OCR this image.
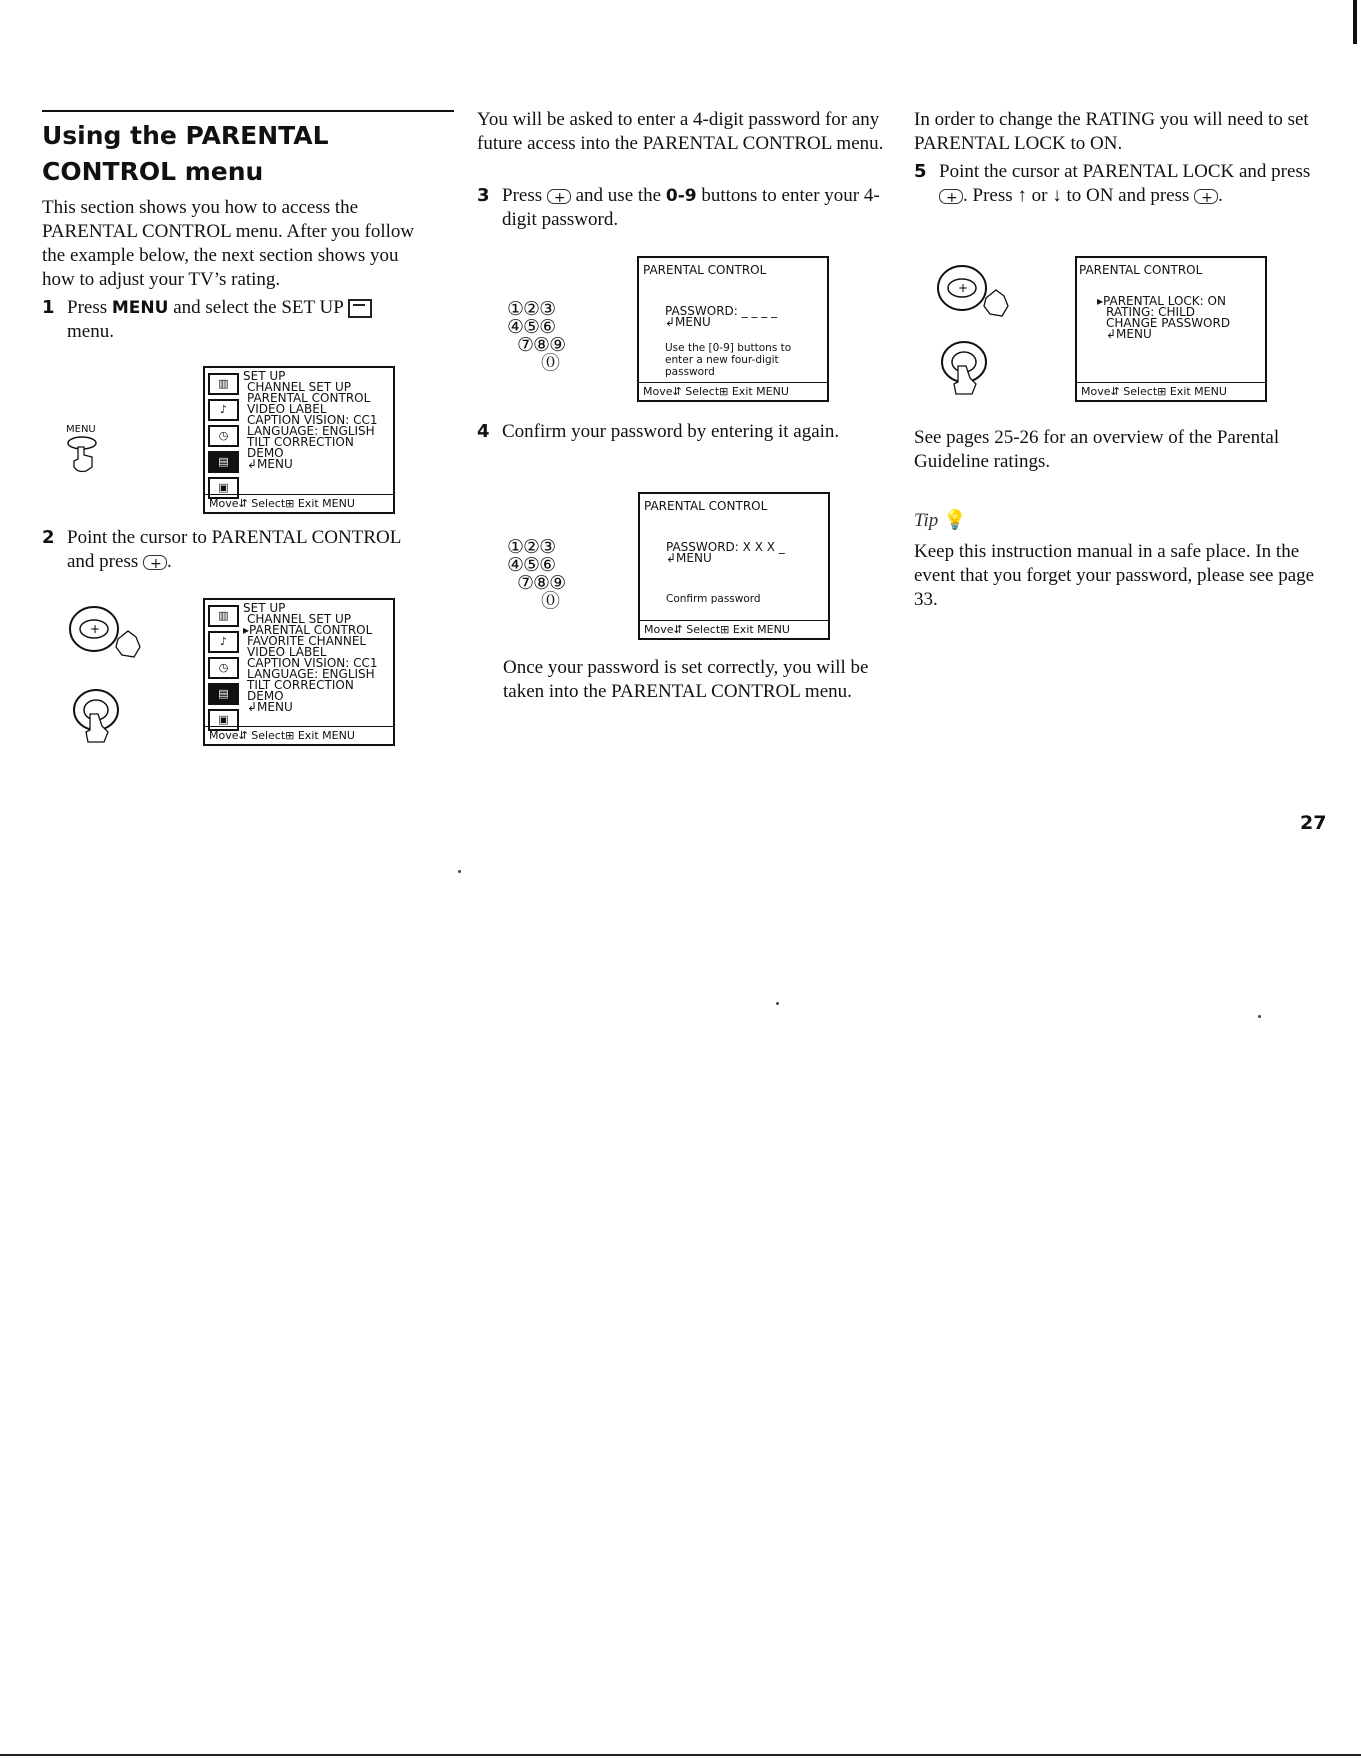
Using the PARENTAL CONTROL menu

This section shows you how to access the PARENTAL CONTROL menu. After you follow the example below, the next section shows you how to adjust your TV’s rating.

1 Press MENU and select the SET UP
menu.
MENU
▥
♪
◷
▤
▣

SET UP

CHANNEL SET UP

PARENTAL CONTROL

VIDEO LABEL

CAPTION VISION: CC1

LANGUAGE: ENGLISH

TILT CORRECTION

DEMO

↲MENU

Move⇵ Select⊞ Exit MENU
2 Point the cursor to PARENTAL CONTROL and press + .
+
▥
♪
◷
▤
▣

SET UP

CHANNEL SET UP

▸PARENTAL CONTROL

FAVORITE CHANNEL

VIDEO LABEL

CAPTION VISION: CC1

LANGUAGE: ENGLISH

TILT CORRECTION

DEMO

↲MENU

Move⇵ Select⊞ Exit MENU

You will be asked to enter a 4-digit password for any future access into the PARENTAL CONTROL menu.

3 Press + and use the 0-9 buttons to enter your 4-digit password.
①②③
④⑤⑥
⑦⑧⑨
⓪
PARENTAL CONTROL

PASSWORD: _ _ _ _

↲MENU

Use the [0-9] buttons to
enter a new four-digit
password
Move⇵ Select⊞ Exit MENU
4 Confirm your password by entering it again.
①②③
④⑤⑥
⑦⑧⑨
⓪
PARENTAL CONTROL

PASSWORD: X X X _

↲MENU

Confirm password
Move⇵ Select⊞ Exit MENU

Once your password is set correctly, you will be taken into the PARENTAL CONTROL menu.

In order to change the RATING you will need to set PARENTAL LOCK to ON.

5 Point the cursor at PARENTAL LOCK and press +. Press ↑ or ↓ to ON and press + .
+
PARENTAL CONTROL

▸PARENTAL LOCK: ON

RATING: CHILD

CHANGE PASSWORD

↲MENU

Move⇵ Select⊞ Exit MENU

See pages 25-26 for an overview of the Parental Guideline ratings.

Tip 💡

Keep this instruction manual in a safe place. In the event that you forget your password, please see page 33.

27
